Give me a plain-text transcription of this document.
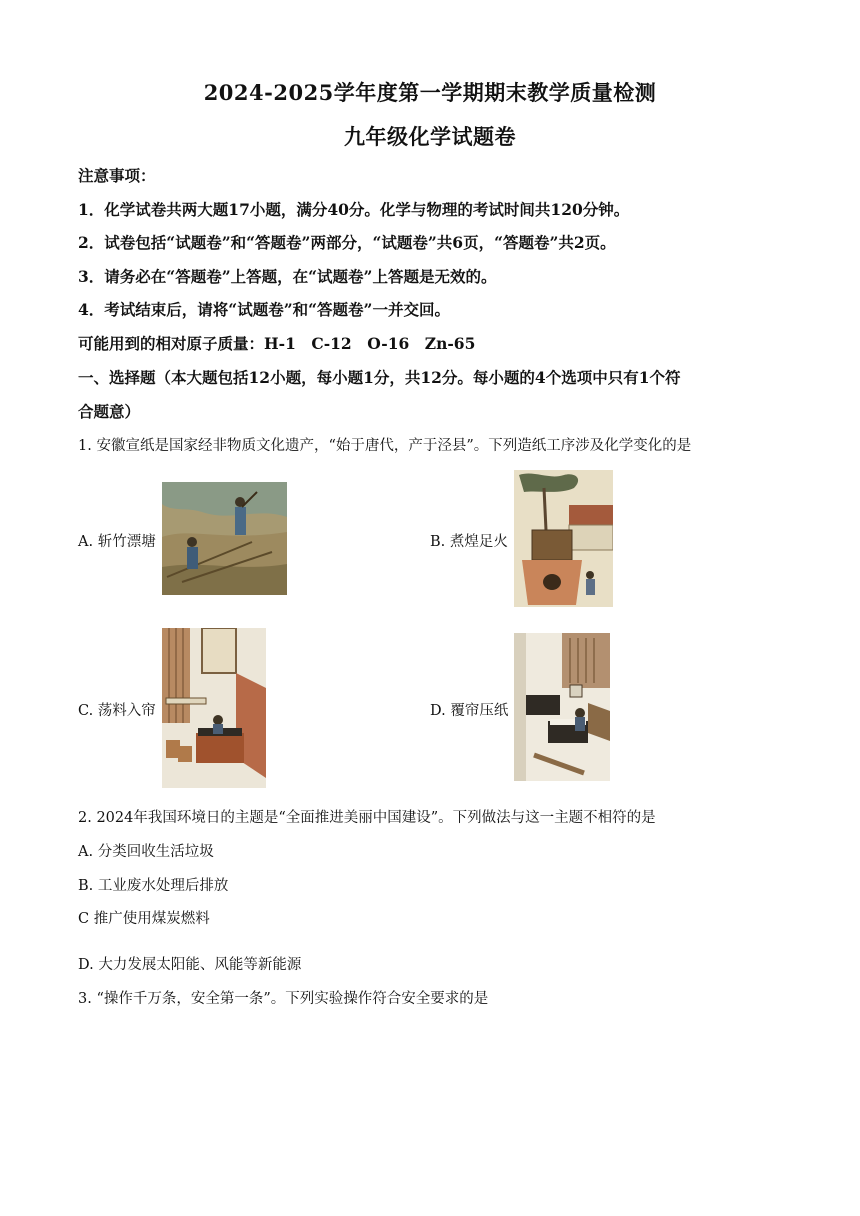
2024-2025学年度第一学期期末教学质量检测
九年级化学试题卷
注意事项：
1．化学试卷共两大题17小题，满分40分。化学与物理的考试时间共120分钟。
2．试卷包括“试题卷”和“答题卷”两部分，“试题卷”共6页，“答题卷”共2页。
3．请务必在“答题卷”上答题，在“试题卷”上答题是无效的。
4．考试结束后，请将“试题卷”和“答题卷”一并交回。
可能用到的相对原子质量：H-1　C-12　O-16　Zn-65
一、选择题（本大题包括12小题，每小题1分，共12分。每小题的4个选项中只有1个符
合题意）
1. 安徽宣纸是国家经非物质文化遗产，“始于唐代，产于泾县”。下列造纸工序涉及化学变化的是
A. 斩竹漂塘	B. 煮煌足火
C. 荡料入帘	D. 覆帘压纸
2. 2024年我国环境日的主题是“全面推进美丽中国建设”。下列做法与这一主题不相符的是
A. 分类回收生活垃圾
B. 工业废水处理后排放
C 推广使用煤炭燃料
D. 大力发展太阳能、风能等新能源
3. “操作千万条，安全第一条”。下列实验操作符合安全要求的是
